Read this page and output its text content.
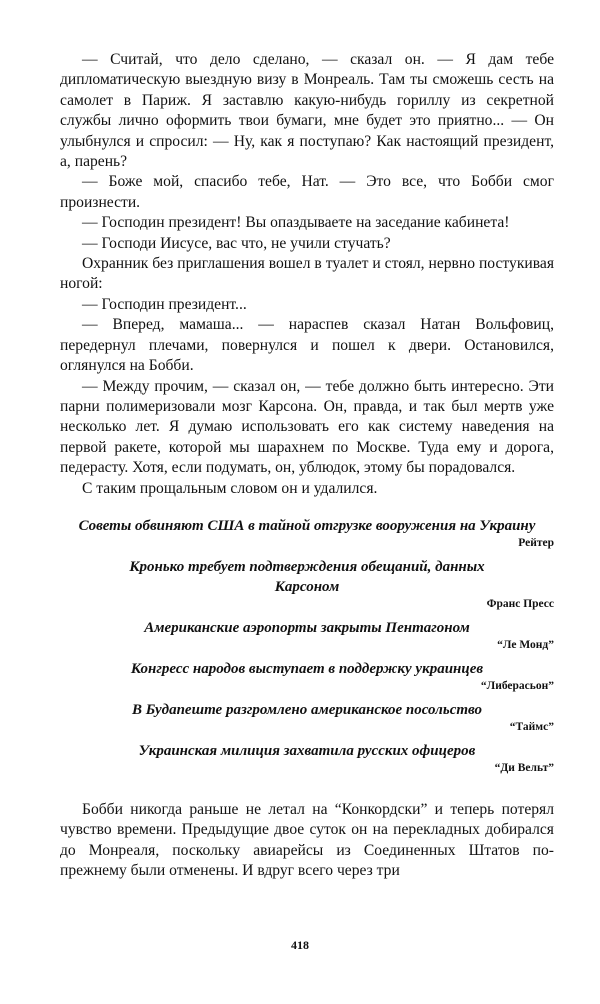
— Считай, что дело сделано, — сказал он. — Я дам тебе дипломатическую выездную визу в Монреаль. Там ты сможешь сесть на самолет в Париж. Я заставлю какую-нибудь гориллу из секретной службы лично оформить твои бумаги, мне будет это приятно... — Он улыбнулся и спросил: — Ну, как я поступаю? Как настоящий президент, а, парень?

— Боже мой, спасибо тебе, Нат. — Это все, что Бобби смог произнести.

— Господин президент! Вы опаздываете на заседание кабинета!

— Господи Иисусе, вас что, не учили стучать?

Охранник без приглашения вошел в туалет и стоял, нервно постукивая ногой:

— Господин президент...

— Вперед, мамаша... — нараспев сказал Натан Вольфовиц, передернул плечами, повернулся и пошел к двери. Остановился, оглянулся на Бобби.

— Между прочим, — сказал он, — тебе должно быть интересно. Эти парни полимеризовали мозг Карсона. Он, правда, и так был мертв уже несколько лет. Я думаю использовать его как систему наведения на первой ракете, которой мы шарахнем по Москве. Туда ему и дорога, педерасту. Хотя, если подумать, он, ублюдок, этому бы порадовался.

С таким прощальным словом он и удалился.

Советы обвиняют США в тайной отгрузке вооружения на Украину

Рейтер

Кронько требует подтверждения обещаний, данных Карсоном

Франс Пресс

Американские аэропорты закрыты Пентагоном

“Ле Монд”

Конгресс народов выступает в поддержку украинцев

“Либерасьон”

В Будапеште разгромлено американское посольство

“Таймс”

Украинская милиция захватила русских офицеров

“Ди Вельт”

Бобби никогда раньше не летал на “Конкордски” и теперь потерял чувство времени. Предыдущие двое суток он на перекладных добирался до Монреаля, поскольку авиарейсы из Соединенных Штатов по-прежнему были отменены. И вдруг всего через три

418
